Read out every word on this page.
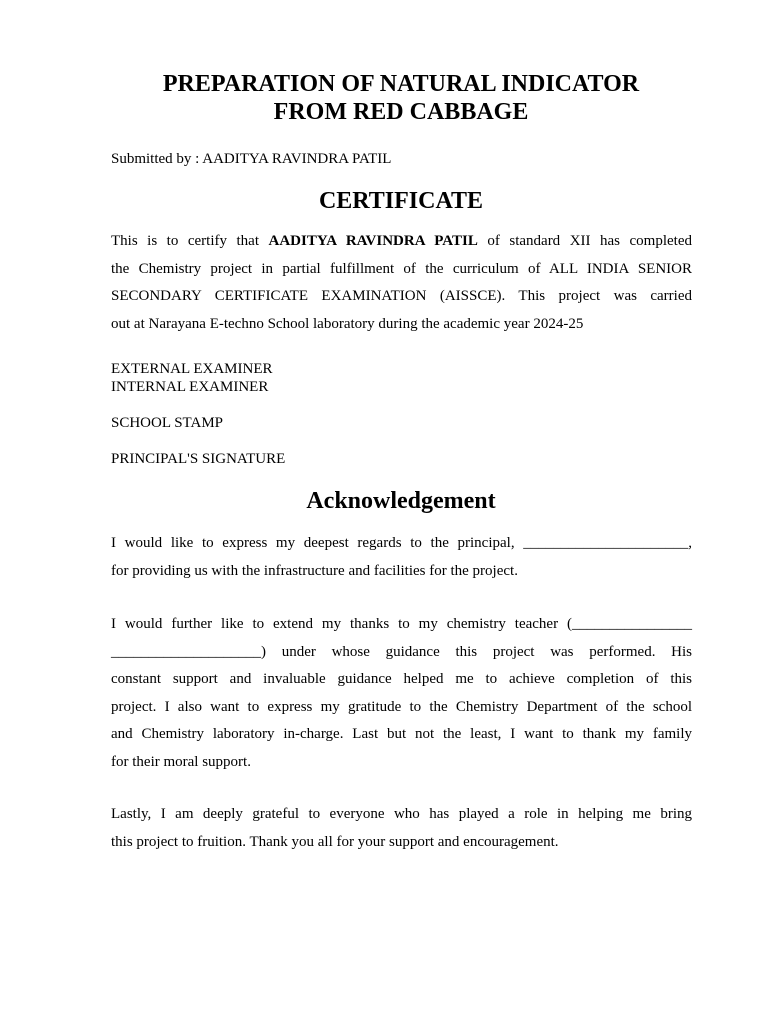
PREPARATION OF NATURAL INDICATOR
FROM RED CABBAGE

Submitted by : AADITYA RAVINDRA PATIL

CERTIFICATE
This is to certify that AADITYA RAVINDRA PATIL of standard XII has completed
the Chemistry project in partial fulfillment of the curriculum of ALL INDIA SENIOR
SECONDARY CERTIFICATE EXAMINATION (AISSCE). This project was carried
out at Narayana E-techno School laboratory during the academic year 2024-25

EXTERNAL EXAMINER

INTERNAL EXAMINER

SCHOOL STAMP

PRINCIPAL'S SIGNATURE

Acknowledgement
I would like to express my deepest regards to the principal, ______________________,
for providing us with the infrastructure and facilities for the project.
I would further like to extend my thanks to my chemistry teacher (________________
____________________) under whose guidance this project was performed. His
constant support and invaluable guidance helped me to achieve completion of this
project. I also want to express my gratitude to the Chemistry Department of the school
and Chemistry laboratory in-charge. Last but not the least, I want to thank my family
for their moral support.
Lastly, I am deeply grateful to everyone who has played a role in helping me bring
this project to fruition. Thank you all for your support and encouragement.
